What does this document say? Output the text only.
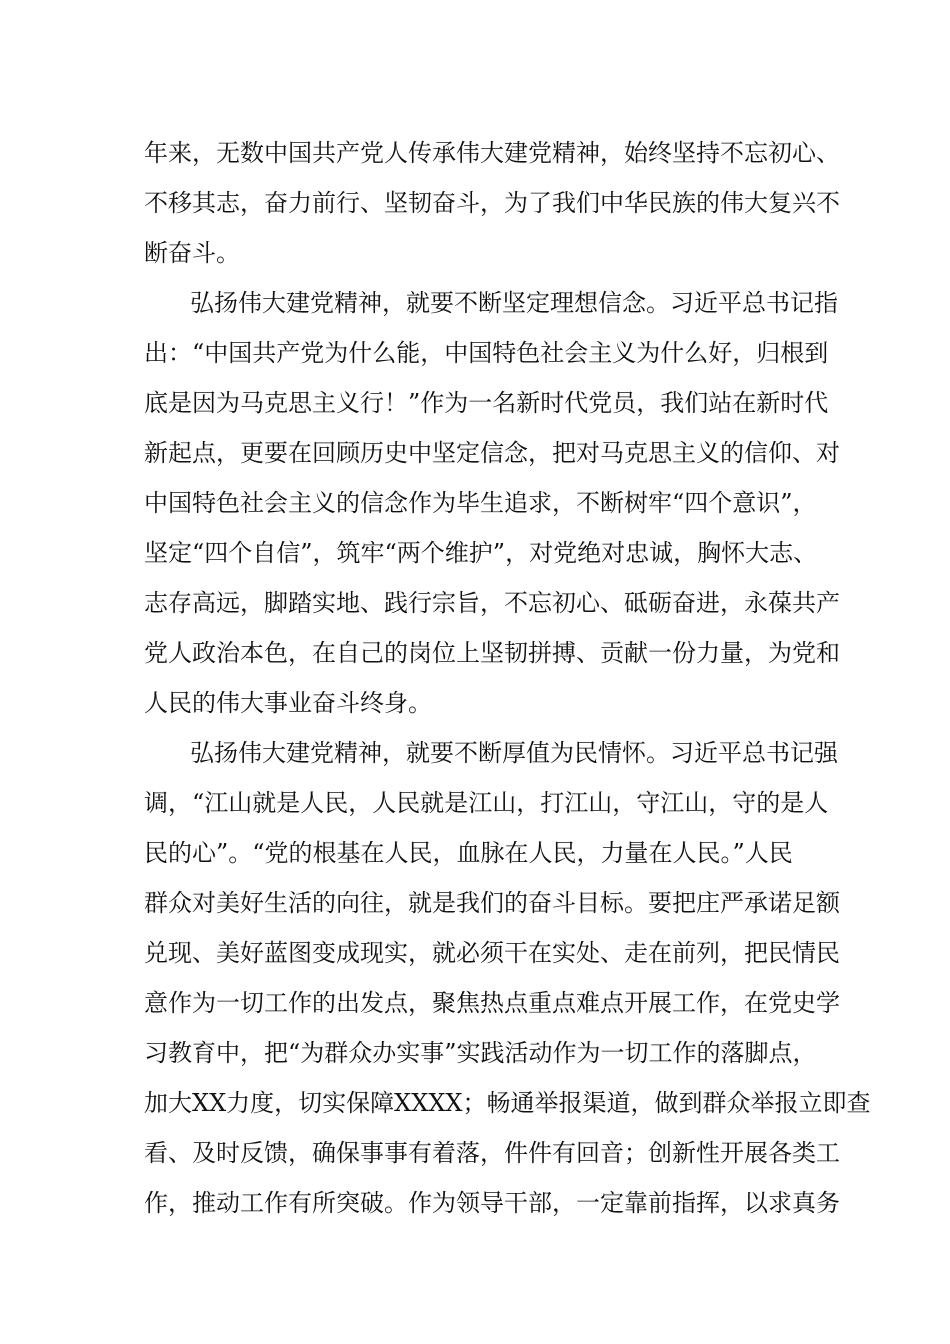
年来，无数中国共产党人传承伟大建党精神，始终坚持不忘初心、
不移其志，奋力前行、坚韧奋斗，为了我们中华民族的伟大复兴不
断奋斗。
弘扬伟大建党精神，就要不断坚定理想信念。习近平总书记指
出：“中国共产党为什么能，中国特色社会主义为什么好，归根到
底是因为马克思主义行！”作为一名新时代党员，我们站在新时代
新起点，更要在回顾历史中坚定信念，把对马克思主义的信仰、对
中国特色社会主义的信念作为毕生追求，不断树牢“四个意识”，
坚定“四个自信”，筑牢“两个维护”，对党绝对忠诚，胸怀大志、
志存高远，脚踏实地、践行宗旨，不忘初心、砥砺奋进，永葆共产
党人政治本色，在自己的岗位上坚韧拼搏、贡献一份力量，为党和
人民的伟大事业奋斗终身。
弘扬伟大建党精神，就要不断厚值为民情怀。习近平总书记强
调，“江山就是人民，人民就是江山，打江山，守江山，守的是人
民的心”。“党的根基在人民，血脉在人民，力量在人民。”人民
群众对美好生活的向往，就是我们的奋斗目标。要把庄严承诺足额
兑现、美好蓝图变成现实，就必须干在实处、走在前列，把民情民
意作为一切工作的出发点，聚焦热点重点难点开展工作，在党史学
习教育中，把“为群众办实事”实践活动作为一切工作的落脚点，
加大XX力度，切实保障XXXX；畅通举报渠道，做到群众举报立即查
看、及时反馈，确保事事有着落，件件有回音；创新性开展各类工
作，推动工作有所突破。作为领导干部，一定靠前指挥，以求真务
